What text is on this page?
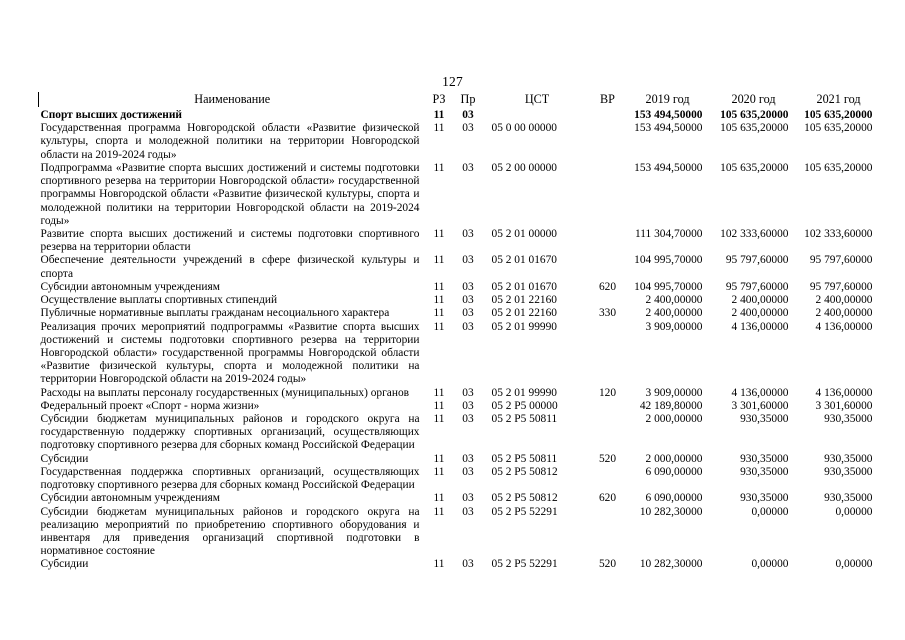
127
Наименование	РЗ	Пр	ЦСТ	ВР	2019 год	2020 год	2021 год
Спорт высших достижений	11	03			153 494,50000	105 635,20000	105 635,20000
Государственная программа Новгородской области «Развитие физической культуры, спорта и молодежной политики на территории Новгородской области на 2019-2024 годы»	11	03	05 0 00 00000		153 494,50000	105 635,20000	105 635,20000
Подпрограмма «Развитие спорта высших достижений и системы подготовки спортивного резерва на территории Новгородской области» государственной программы Новгородской области «Развитие физической культуры, спорта и молодежной политики на территории Новгородской области на 2019-2024 годы»	11	03	05 2 00 00000		153 494,50000	105 635,20000	105 635,20000
Развитие спорта высших достижений и системы подготовки спортивного резерва на территории области	11	03	05 2 01 00000		111 304,70000	102 333,60000	102 333,60000
Обеспечение деятельности учреждений в сфере физической культуры и спорта	11	03	05 2 01 01670		104 995,70000	95 797,60000	95 797,60000
Субсидии автономным учреждениям	11	03	05 2 01 01670	620	104 995,70000	95 797,60000	95 797,60000
Осуществление выплаты спортивных стипендий	11	03	05 2 01 22160		2 400,00000	2 400,00000	2 400,00000
Публичные нормативные выплаты гражданам несоциального характера	11	03	05 2 01 22160	330	2 400,00000	2 400,00000	2 400,00000
Реализация прочих мероприятий подпрограммы «Развитие спорта высших достижений и системы подготовки спортивного резерва на территории Новгородской области» государственной программы Новгородской области «Развитие физической культуры, спорта и молодежной политики на территории Новгородской области на 2019-2024 годы»	11	03	05 2 01 99990		3 909,00000	4 136,00000	4 136,00000
Расходы на выплаты персоналу государственных (муниципальных) органов	11	03	05 2 01 99990	120	3 909,00000	4 136,00000	4 136,00000
Федеральный проект «Спорт - норма жизни»	11	03	05 2 Р5 00000		42 189,80000	3 301,60000	3 301,60000
Субсидии бюджетам муниципальных районов и городского округа на государственную поддержку спортивных организаций, осуществляющих подготовку спортивного резерва для сборных команд Российской Федерации	11	03	05 2 Р5 50811		2 000,00000	930,35000	930,35000
Субсидии	11	03	05 2 Р5 50811	520	2 000,00000	930,35000	930,35000
Государственная поддержка спортивных организаций, осуществляющих подготовку спортивного резерва для сборных команд Российской Федерации	11	03	05 2 Р5 50812		6 090,00000	930,35000	930,35000
Субсидии автономным учреждениям	11	03	05 2 Р5 50812	620	6 090,00000	930,35000	930,35000
Субсидии бюджетам муниципальных районов и городского округа на реализацию мероприятий по приобретению спортивного оборудования и инвентаря для приведения организаций спортивной подготовки в нормативное состояние	11	03	05 2 Р5 52291		10 282,30000	0,00000	0,00000
Субсидии	11	03	05 2 Р5 52291	520	10 282,30000	0,00000	0,00000
